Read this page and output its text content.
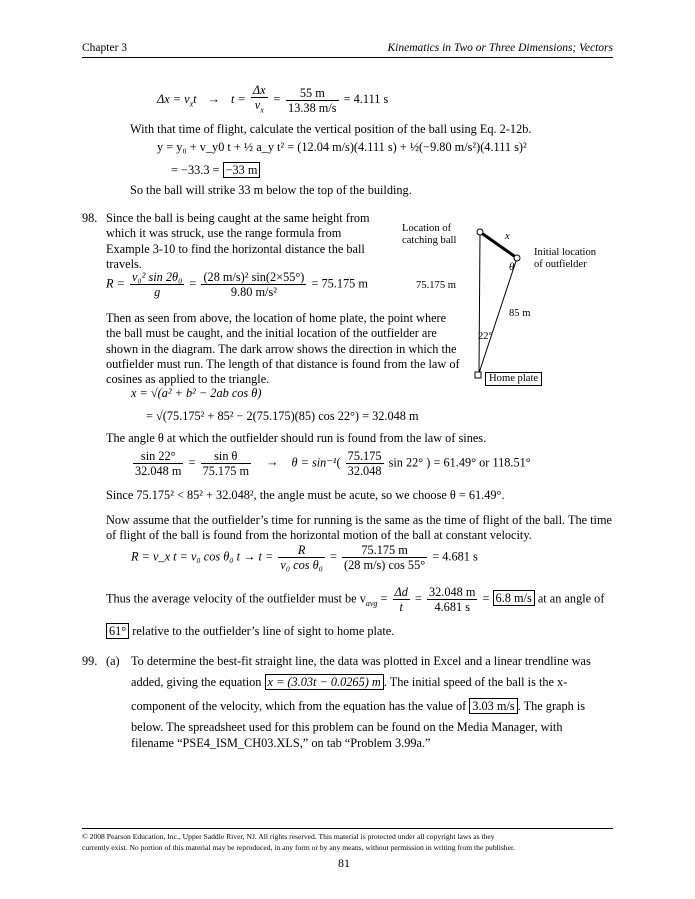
Chapter 3	Kinematics in Two or Three Dimensions; Vectors
$\Delta x = v_xt \to t = \frac{\Delta x}{v_x} = \frac{55 m}{13.38 m/s} = 4.111$ s
With that time of flight, calculate the vertical position of the ball using Eq. 2-12b.
y = y₀ + v_y0 t + ½ a_y t² = (12.04 m/s)(4.111 s) + ½(−9.80 m/s²)(4.111 s)²
= −33.3 = −33 m
So the ball will strike 33 m below the top of the building.
98. Since the ball is being caught at the same height from which it was struck, use the range formula from Example 3-10 to find the horizontal distance the ball travels.
$R = \frac{\text{v₀² sin 2θ₀}}{g} = \frac{\text{(28 m/s)² sin(2×55°)}}{\text{9.80 m/s²}} = 75.175$ m
Then as seen from above, the location of home plate, the point where the ball must be caught, and the initial location of the outfielder are shown in the diagram. The dark arrow shows the direction in which the outfielder must run. The length of that distance is found from the law of cosines as applied to the triangle.
x = √(a² + b² − 2ab cos θ)
= √(75.175² + 85² − 2(75.175)(85) cos 22°) = 32.048 m
The angle θ at which the outfielder should run is found from the law of sines.
$\frac{\sin 22^\circ}{32.048 m} = \frac{\text{sin θ}}{75.175 m} \to \theta = \sin^{-1}( \frac{75.175}{32.048}$ sin 22° ) = 61.49° or 118.51°
Since 75.175² < 85² + 32.048², the angle must be acute, so we choose θ = 61.49°.
Now assume that the outfielder’s time for running is the same as the time of flight of the ball. The time of flight of the ball is found from the horizontal motion of the ball at constant velocity.
R = v_x t = v₀ cos θ₀ $t \to t = \frac{R}{\text{v₀ cos θ₀}} = \frac{75.175 m}{(28 m/s) \cos 55^\circ} = 4.681$ s
Thus the average velocity of the outfielder must be $v_{avg} = \frac{\Delta d}{t} = \frac{32.048 m}{4.681 s} = 6.8$ m/s at an angle of
61° relative to the outfielder’s line of sight to home plate.
Location of catching ball	x
Initial location of outfielder
θ
75.175 m
85 m
22°
Home plate
99. (a) To determine the best-fit straight line, the data was plotted in Excel and a linear trendline was
added, giving the equation x = (3.03t − 0.0265) m . The initial speed of the ball is the x-
component of the velocity, which from the equation has the value of 3.03 m/s . The graph is
below. The spreadsheet used for this problem can be found on the Media Manager, with
filename “PSE4_ISM_CH03.XLS,” on tab “Problem 3.99a.”
© 2008 Pearson Education, Inc., Upper Saddle River, NJ. All rights reserved. This material is protected under all copyright laws as they
currently exist. No portion of this material may be reproduced, in any form or by any means, without permission in writing from the publisher.
81
